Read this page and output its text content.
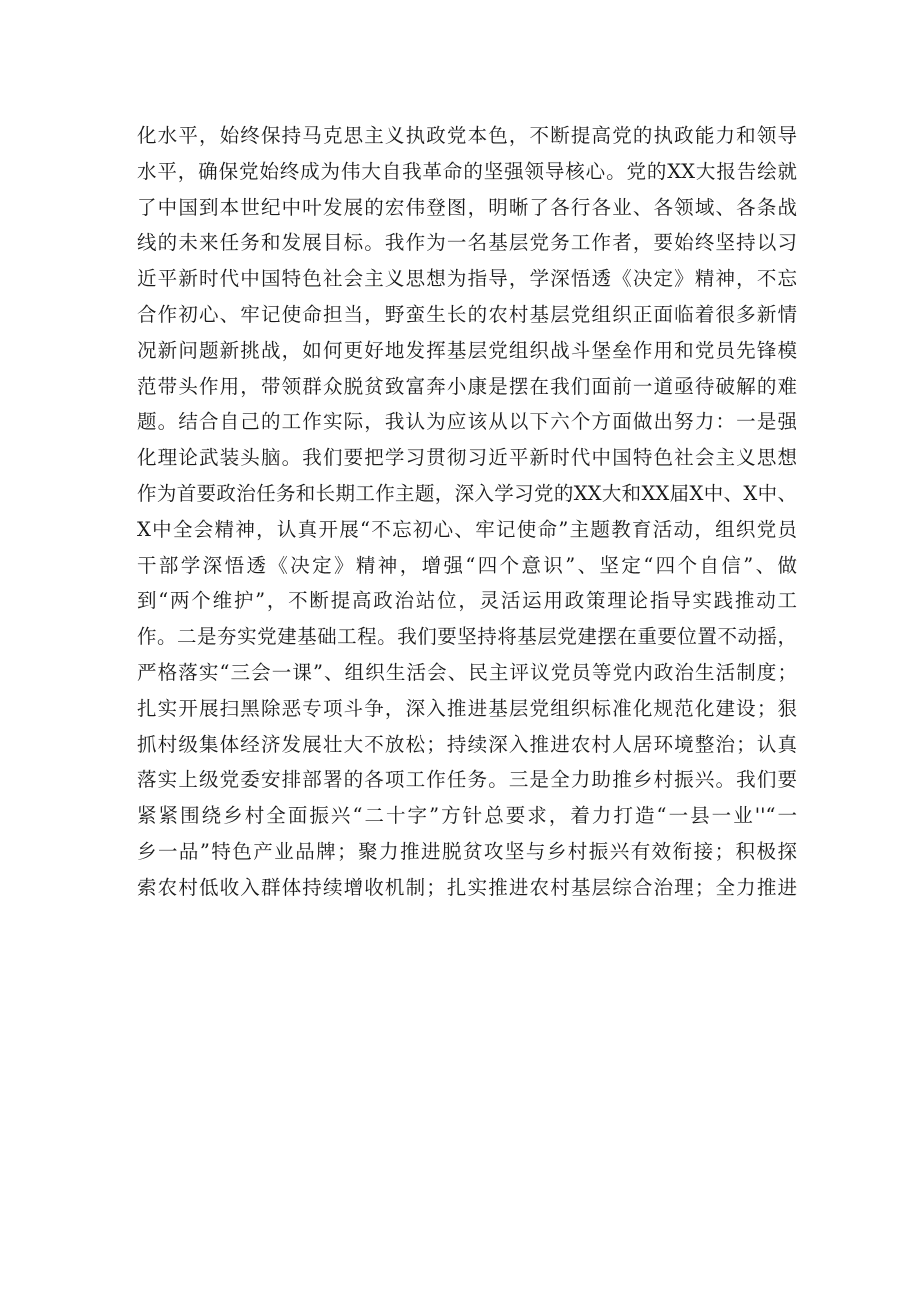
化水平，始终保持马克思主义执政党本色，不断提高党的执政能力和领导
水平，确保党始终成为伟大自我革命的坚强领导核心。党的XX大报告绘就
了中国到本世纪中叶发展的宏伟登图，明晰了各行各业、各领域、各条战
线的未来任务和发展目标。我作为一名基层党务工作者，要始终坚持以习
近平新时代中国特色社会主义思想为指导，学深悟透《决定》精神，不忘
合作初心、牢记使命担当，野蛮生长的农村基层党组织正面临着很多新情
况新问题新挑战，如何更好地发挥基层党组织战斗堡垒作用和党员先锋模
范带头作用，带领群众脱贫致富奔小康是摆在我们面前一道亟待破解的难
题。结合自己的工作实际，我认为应该从以下六个方面做出努力：一是强
化理论武装头脑。我们要把学习贯彻习近平新时代中国特色社会主义思想
作为首要政治任务和长期工作主题，深入学习党的XX大和XX届X中、X中、
X中全会精神，认真开展“不忘初心、牢记使命”主题教育活动，组织党员
干部学深悟透《决定》精神，增强“四个意识”、坚定“四个自信”、做
到“两个维护”，不断提高政治站位，灵活运用政策理论指导实践推动工
作。二是夯实党建基础工程。我们要坚持将基层党建摆在重要位置不动摇，
严格落实“三会一课”、组织生活会、民主评议党员等党内政治生活制度；
扎实开展扫黑除恶专项斗争，深入推进基层党组织标准化规范化建设；狠
抓村级集体经济发展壮大不放松；持续深入推进农村人居环境整治；认真
落实上级党委安排部署的各项工作任务。三是全力助推乡村振兴。我们要
紧紧围绕乡村全面振兴“二十字”方针总要求，着力打造“一县一业''“一
乡一品”特色产业品牌；聚力推进脱贫攻坚与乡村振兴有效衔接；积极探
索农村低收入群体持续增收机制；扎实推进农村基层综合治理；全力推进
